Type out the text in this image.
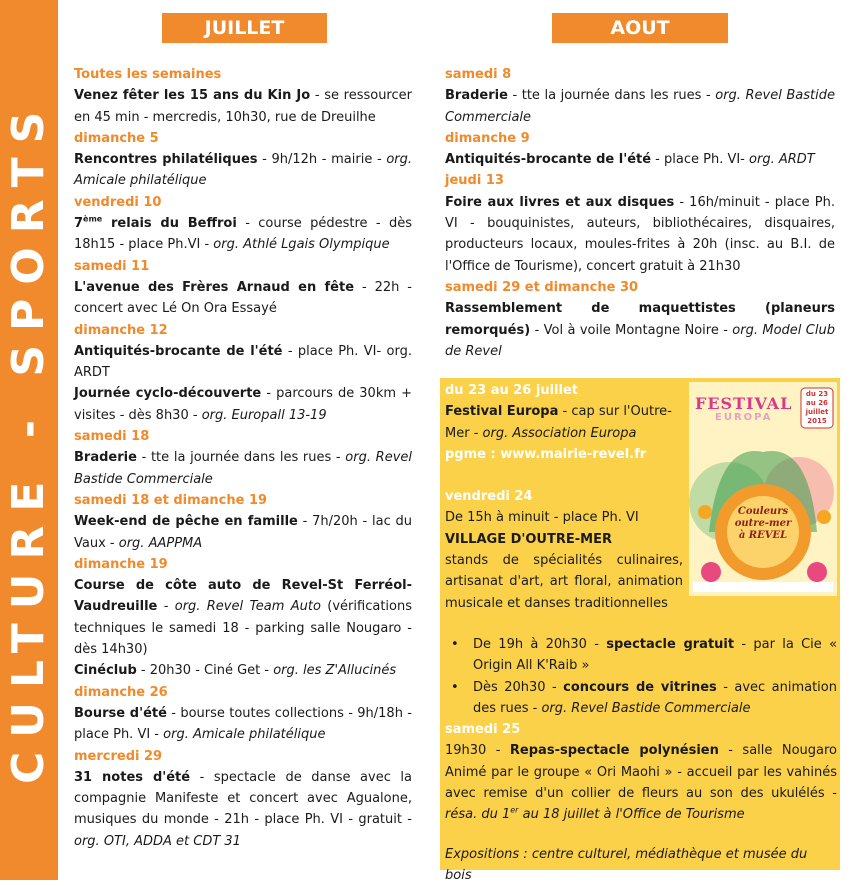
CULTURE - SPORTS
JUILLET	AOUT
Toutes les semaines

Venez fêter les 15 ans du Kin Jo - se ressourcer en 45 min - mercredis, 10h30, rue de Dreuilhe

dimanche 5

Rencontres philatéliques - 9h/12h - mairie - org. Amicale philatélique

vendredi 10

7ème relais du Beffroi - course pédestre - dès 18h15 - place Ph.VI - org. Athlé Lgais Olympique

samedi 11

L'avenue des Frères Arnaud en fête - 22h - concert avec Lé On Ora Essayé

dimanche 12

Antiquités-brocante de l'été - place Ph. VI- org. ARDT

Journée cyclo-découverte - parcours de 30km + visites - dès 8h30 - org. Europall 13-19

samedi 18

Braderie - tte la journée dans les rues - org. Revel Bastide Commerciale

samedi 18 et dimanche 19

Week-end de pêche en famille - 7h/20h - lac du Vaux - org. AAPPMA

dimanche 19

Course de côte auto de Revel-St Ferréol-Vaudreuille - org. Revel Team Auto (vérifications techniques le samedi 18 - parking salle Nougaro - dès 14h30)

Cinéclub - 20h30 - Ciné Get - org. les Z'Allucinés

dimanche 26

Bourse d'été - bourse toutes collections - 9h/18h - place Ph. VI - org. Amicale philatélique

mercredi 29

31 notes d'été - spectacle de danse avec la compagnie Manifeste et concert avec Agualone, musiques du monde - 21h - place Ph. VI - gratuit - org. OTI, ADDA et CDT 31

samedi 8

Braderie - tte la journée dans les rues - org. Revel Bastide Commerciale

dimanche 9

Antiquités-brocante de l'été - place Ph. VI- org. ARDT

jeudi 13

Foire aux livres et aux disques - 16h/minuit - place Ph. VI - bouquinistes, auteurs, bibliothécaires, disquaires, producteurs locaux, moules-frites à 20h (insc. au B.I. de l'Office de Tourisme), concert gratuit à 21h30

samedi 29 et dimanche 30

Rassemblement de maquettistes (planeurs remorqués) - Vol à voile Montagne Noire - org. Model Club de Revel

du 23 au 26 juillet

Festival Europa - cap sur l'Outre-Mer - org. Association Europa

pgme : www.mairie-revel.fr
vendredi 24

De 15h à minuit - place Ph. VI

VILLAGE D'OUTRE-MER

stands de spécialités culinaires, artisanat d'art, art floral, animation musicale et danses traditionnelles

FESTIVAL
EUROPA
du 23
au 26
juillet
2015
Couleurs
outre-mer
à REVEL
• De 19h à 20h30 - spectacle gratuit - par la Cie « Origin All K'Raib »
• Dès 20h30 - concours de vitrines - avec animation des rues - org. Revel Bastide Commerciale
samedi 25

19h30 - Repas-spectacle polynésien - salle Nougaro Animé par le groupe « Ori Maohi » - accueil par les vahinés avec remise d'un collier de fleurs au son des ukulélés - résa. du 1er au 18 juillet à l'Office de Tourisme

Expositions : centre culturel, médiathèque et musée du bois
